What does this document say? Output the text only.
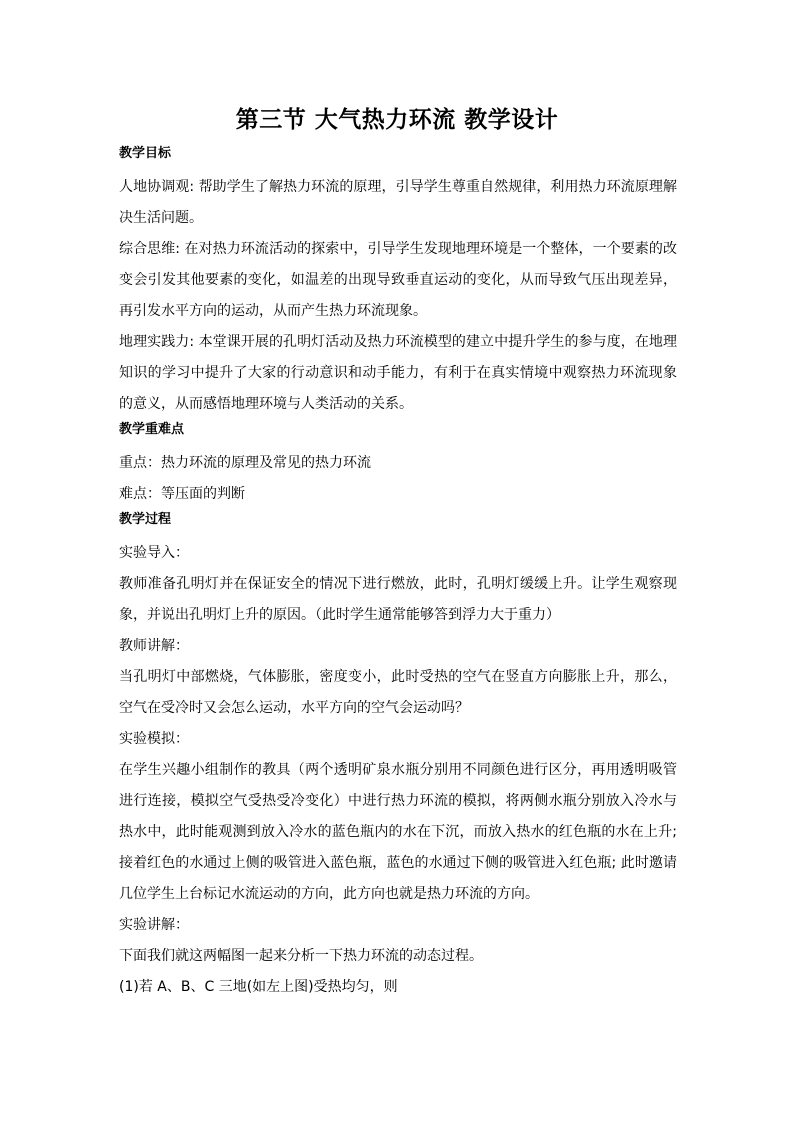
第三节 大气热力环流 教学设计
教学目标

人地协调观: 帮助学生了解热力环流的原理，引导学生尊重自然规律，利用热力环流原理解决生活问题。

综合思维: 在对热力环流活动的探索中，引导学生发现地理环境是一个整体，一个要素的改变会引发其他要素的变化，如温差的出现导致垂直运动的变化，从而导致气压出现差异，再引发水平方向的运动，从而产生热力环流现象。

地理实践力: 本堂课开展的孔明灯活动及热力环流模型的建立中提升学生的参与度，在地理知识的学习中提升了大家的行动意识和动手能力，有利于在真实情境中观察热力环流现象的意义，从而感悟地理环境与人类活动的关系。

教学重难点

重点：热力环流的原理及常见的热力环流

难点：等压面的判断

教学过程

实验导入：

教师准备孔明灯并在保证安全的情况下进行燃放，此时，孔明灯缓缓上升。让学生观察现象，并说出孔明灯上升的原因。（此时学生通常能够答到浮力大于重力）

教师讲解：

当孔明灯中部燃烧，气体膨胀，密度变小，此时受热的空气在竖直方向膨胀上升，那么，空气在受冷时又会怎么运动，水平方向的空气会运动吗？

实验模拟：

在学生兴趣小组制作的教具（两个透明矿泉水瓶分别用不同颜色进行区分，再用透明吸管进行连接，模拟空气受热受冷变化）中进行热力环流的模拟，将两侧水瓶分别放入冷水与热水中，此时能观测到放入冷水的蓝色瓶内的水在下沉，而放入热水的红色瓶的水在上升; 接着红色的水通过上侧的吸管进入蓝色瓶，蓝色的水通过下侧的吸管进入红色瓶; 此时邀请几位学生上台标记水流运动的方向，此方向也就是热力环流的方向。

实验讲解：

下面我们就这两幅图一起来分析一下热力环流的动态过程。

(1)若 A、B、C 三地(如左上图)受热均匀，则
